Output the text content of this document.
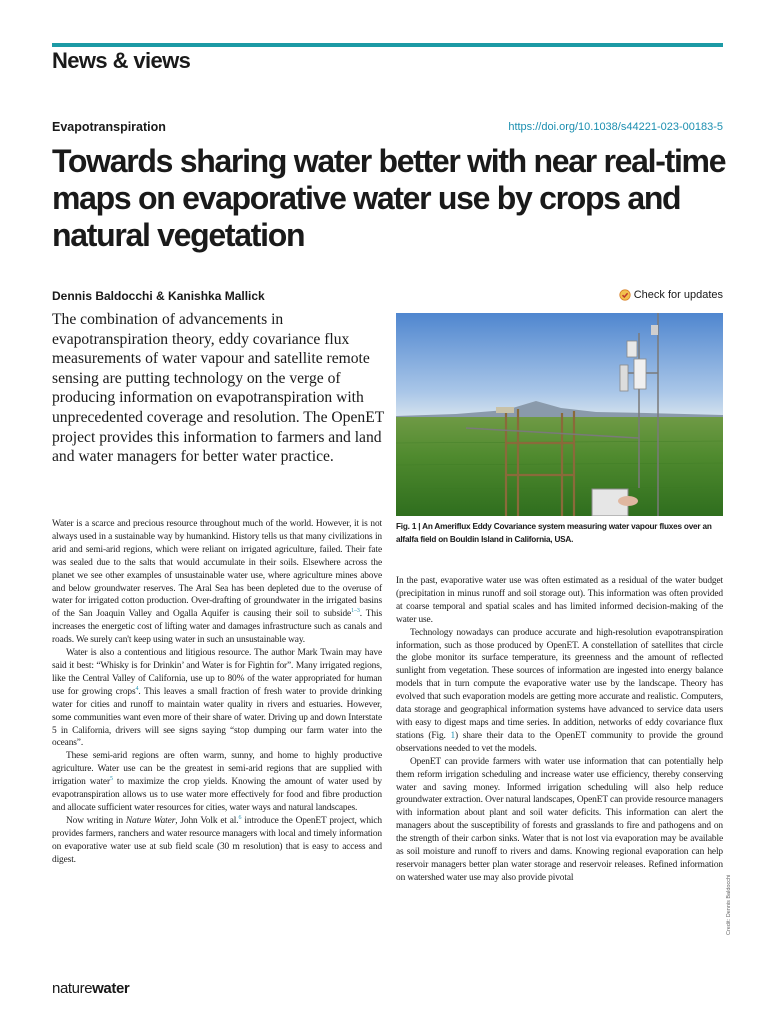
News & views
Evapotranspiration	https://doi.org/10.1038/s44221-023-00183-5
Towards sharing water better with near real-time maps on evaporative water use by crops and natural vegetation
Dennis Baldocchi & Kanishka Mallick	Check for updates

The combination of advancements in evapotranspiration theory, eddy covariance flux measurements of water vapour and satellite remote sensing are putting technology on the verge of producing information on evapotranspiration with unprecedented coverage and resolution. The OpenET project provides this information to farmers and land and water managers for better water practice.

Fig. 1 | An Ameriflux Eddy Covariance system measuring water vapour fluxes over an alfalfa field on Bouldin Island in California, USA.

Water is a scarce and precious resource throughout much of the world. However, it is not always used in a sustainable way by humankind. History tells us that many civilizations in arid and semi-arid regions, which were reliant on irrigated agriculture, failed. Their fate was sealed due to the salts that would accumulate in their soils. Elsewhere across the planet we see other examples of unsustainable water use, where agriculture mines above and below groundwater reserves. The Aral Sea has been depleted due to the overuse of water for irrigated cotton production. Over-drafting of groundwater in the irrigated basins of the San Joaquin Valley and Ogalla Aquifer is causing their soil to subside$^{1-3}$. This increases the energetic cost of lifting water and damages infrastructure such as canals and roads. We surely can't keep using water in such an unsustainable way.

Water is also a contentious and litigious resource. The author Mark Twain may have said it best: “Whisky is for Drinkin’ and Water is for Fightin for”. Many irrigated regions, like the Central Valley of California, use up to 80% of the water appropriated for human use for growing crops$^4$. This leaves a small fraction of fresh water to provide drinking water for cities and runoff to maintain water quality in rivers and estuaries. However, some communities want even more of their share of water. Driving up and down Interstate 5 in California, drivers will see signs saying “stop dumping our farm water into the oceans”.

These semi-arid regions are often warm, sunny, and home to highly productive agriculture. Water use can be the greatest in semi-arid regions that are supplied with irrigation water$^5$ to maximize the crop yields. Knowing the amount of water used by evapotranspiration allows us to use water more effectively for food and fibre production and allocate sufficient water resources for cities, water ways and natural landscapes.

Now writing in Nature Water, John Volk et al.$^6$ introduce the OpenET project, which provides farmers, ranchers and water resource managers with local and timely information on evaporative water use at sub field scale (30 m resolution) that is easy to access and digest.

In the past, evaporative water use was often estimated as a residual of the water budget (precipitation in minus runoff and soil storage out). This information was often provided at coarse temporal and spatial scales and has limited informed decision-making of the water use.

Technology nowadays can produce accurate and high-resolution evapotranspiration information, such as those produced by OpenET. A constellation of satellites that circle the globe monitor its surface temperature, its greenness and the amount of reflected sunlight from vegetation. These sources of information are ingested into energy balance models that in turn compute the evaporative water use by the landscape. Theory has evolved that such evaporation models are getting more accurate and realistic. Computers, data storage and geographical information systems have advanced to service data users with easy to digest maps and time series. In addition, networks of eddy covariance flux stations (Fig. 1) share their data to the OpenET community to provide the ground observations needed to vet the models.

OpenET can provide farmers with water use information that can potentially help them reform irrigation scheduling and increase water use efficiency, thereby conserving water and saving money. Informed irrigation scheduling will also help reduce groundwater extraction. Over natural landscapes, OpenET can provide resource managers with information about plant and soil water deficits. This information can alert the managers about the susceptibility of forests and grasslands to fire and pathogens and on the strength of their carbon sinks. Water that is not lost via evaporation may be available as soil moisture and runoff to rivers and dams. Knowing regional evaporation can help reservoir managers better plan water storage and reservoir releases. Refined information on watershed water use may also provide pivotal

naturewater
Credit: Dennis Baldocchi
